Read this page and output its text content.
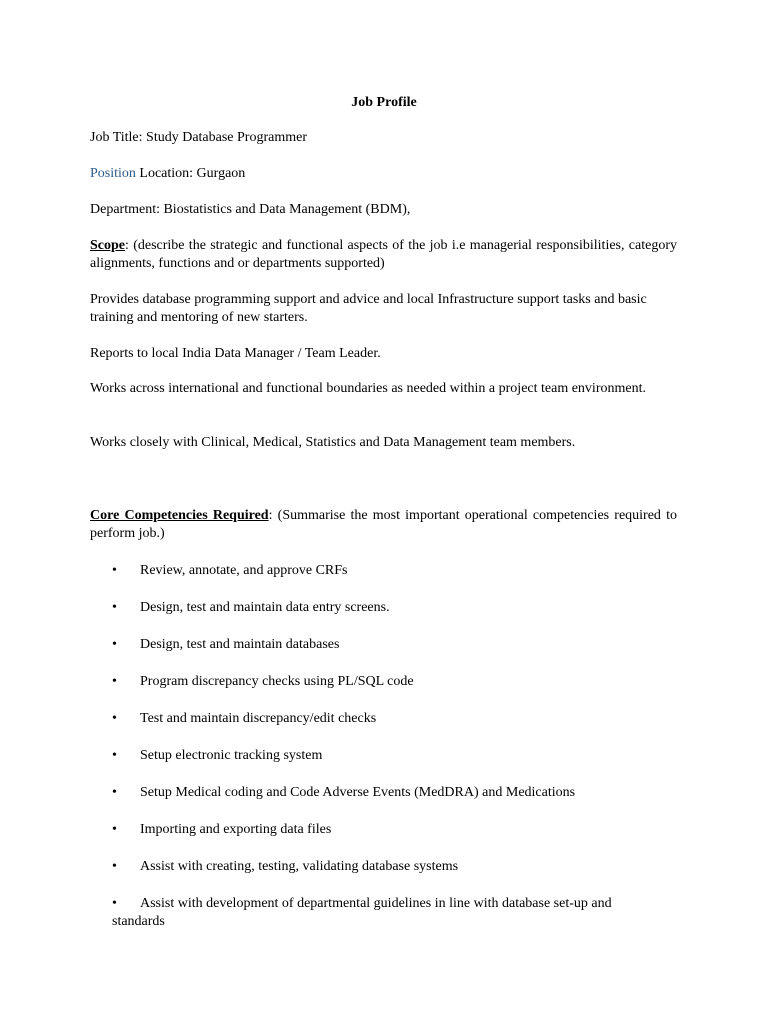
Job Profile

Job Title: Study Database Programmer

Position Location: Gurgaon

Department: Biostatistics and Data Management (BDM),

Scope: (describe the strategic and functional aspects of the job i.e managerial responsibilities, category alignments, functions and or departments supported)

Provides database programming support and advice and local Infrastructure support tasks and basic training and mentoring of new starters.

Reports to local India Data Manager / Team Leader.

Works across international and functional boundaries as needed within a project team environment.

Works closely with Clinical, Medical, Statistics and Data Management team members.

Core Competencies Required: (Summarise the most important operational competencies required to perform job.)

• Review, annotate, and approve CRFs
• Design, test and maintain data entry screens.
• Design, test and maintain databases
• Program discrepancy checks using PL/SQL code
• Test and maintain discrepancy/edit checks
• Setup electronic tracking system
• Setup Medical coding and Code Adverse Events (MedDRA) and Medications
• Importing and exporting data files
• Assist with creating, testing, validating database systems
• Assist with development of departmental guidelines in line with database set-up and
standards
